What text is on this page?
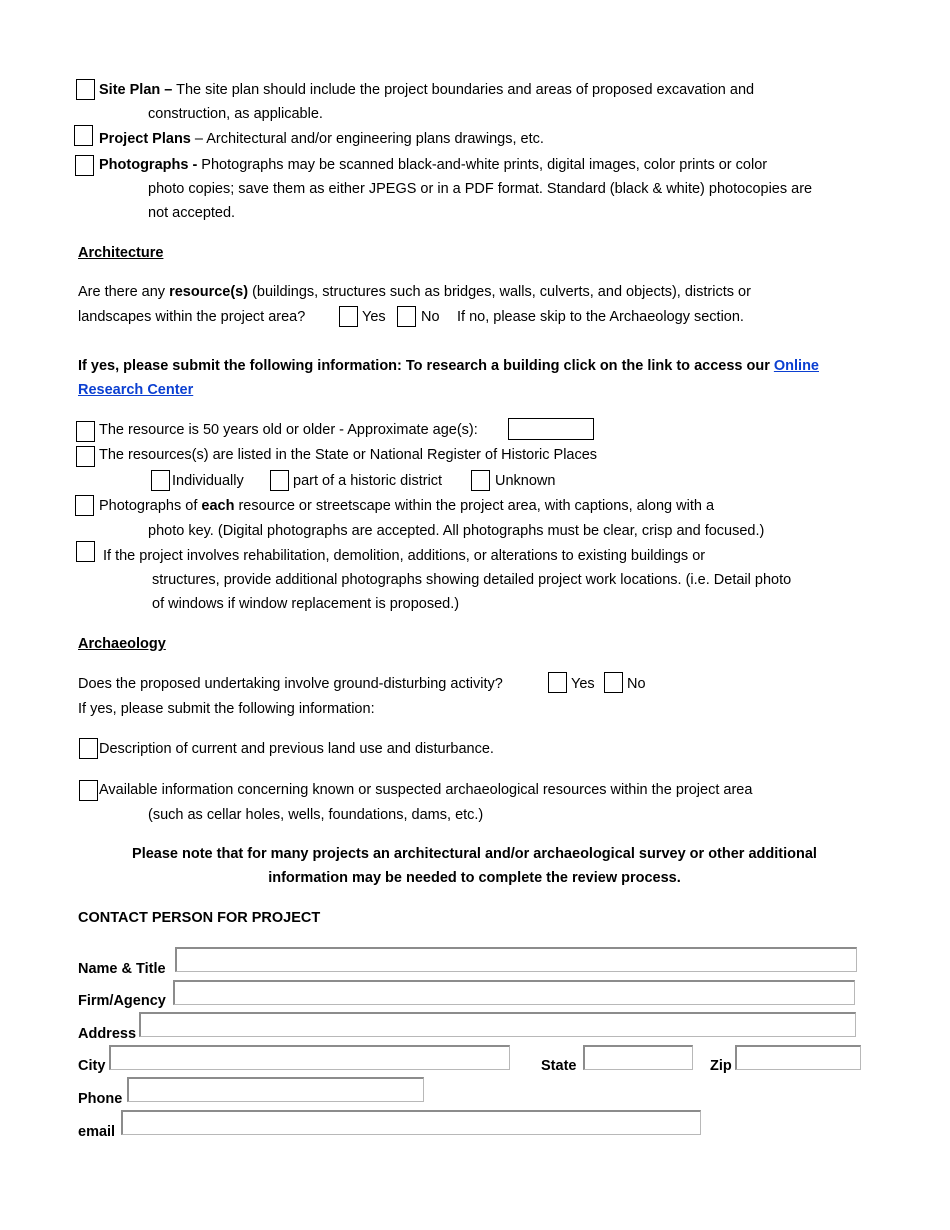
Site Plan – The site plan should include the project boundaries and areas of proposed excavation and
construction, as applicable.
Project Plans – Architectural and/or engineering plans drawings, etc.
Photographs - Photographs may be scanned black-and-white prints, digital images, color prints or color
photo copies; save them as either JPEGS or in a PDF format. Standard (black & white) photocopies are
not accepted.
Architecture
Are there any resource(s) (buildings, structures such as bridges, walls, culverts, and objects), districts or
landscapes within the project area?	Yes No If no, please skip to the Archaeology section.
If yes, please submit the following information: To research a building click on the link to access our Online
Research Center
The resource is 50 years old or older - Approximate age(s):
The resources(s) are listed in the State or National Register of Historic Places
Individually	part of a historic district	Unknown
Photographs of each resource or streetscape within the project area, with captions, along with a
photo key. (Digital photographs are accepted. All photographs must be clear, crisp and focused.)
If the project involves rehabilitation, demolition, additions, or alterations to existing buildings or
structures, provide additional photographs showing detailed project work locations. (i.e. Detail photo
of windows if window replacement is proposed.)
Archaeology
Does the proposed undertaking involve ground-disturbing activity?	Yes No
If yes, please submit the following information:
Description of current and previous land use and disturbance.
Available information concerning known or suspected archaeological resources within the project area
(such as cellar holes, wells, foundations, dams, etc.)
Please note that for many projects an architectural and/or archaeological survey or other additional
information may be needed to complete the review process.
CONTACT PERSON FOR PROJECT
Name & Title
Firm/Agency
Address
City	State	Zip
Phone
email
